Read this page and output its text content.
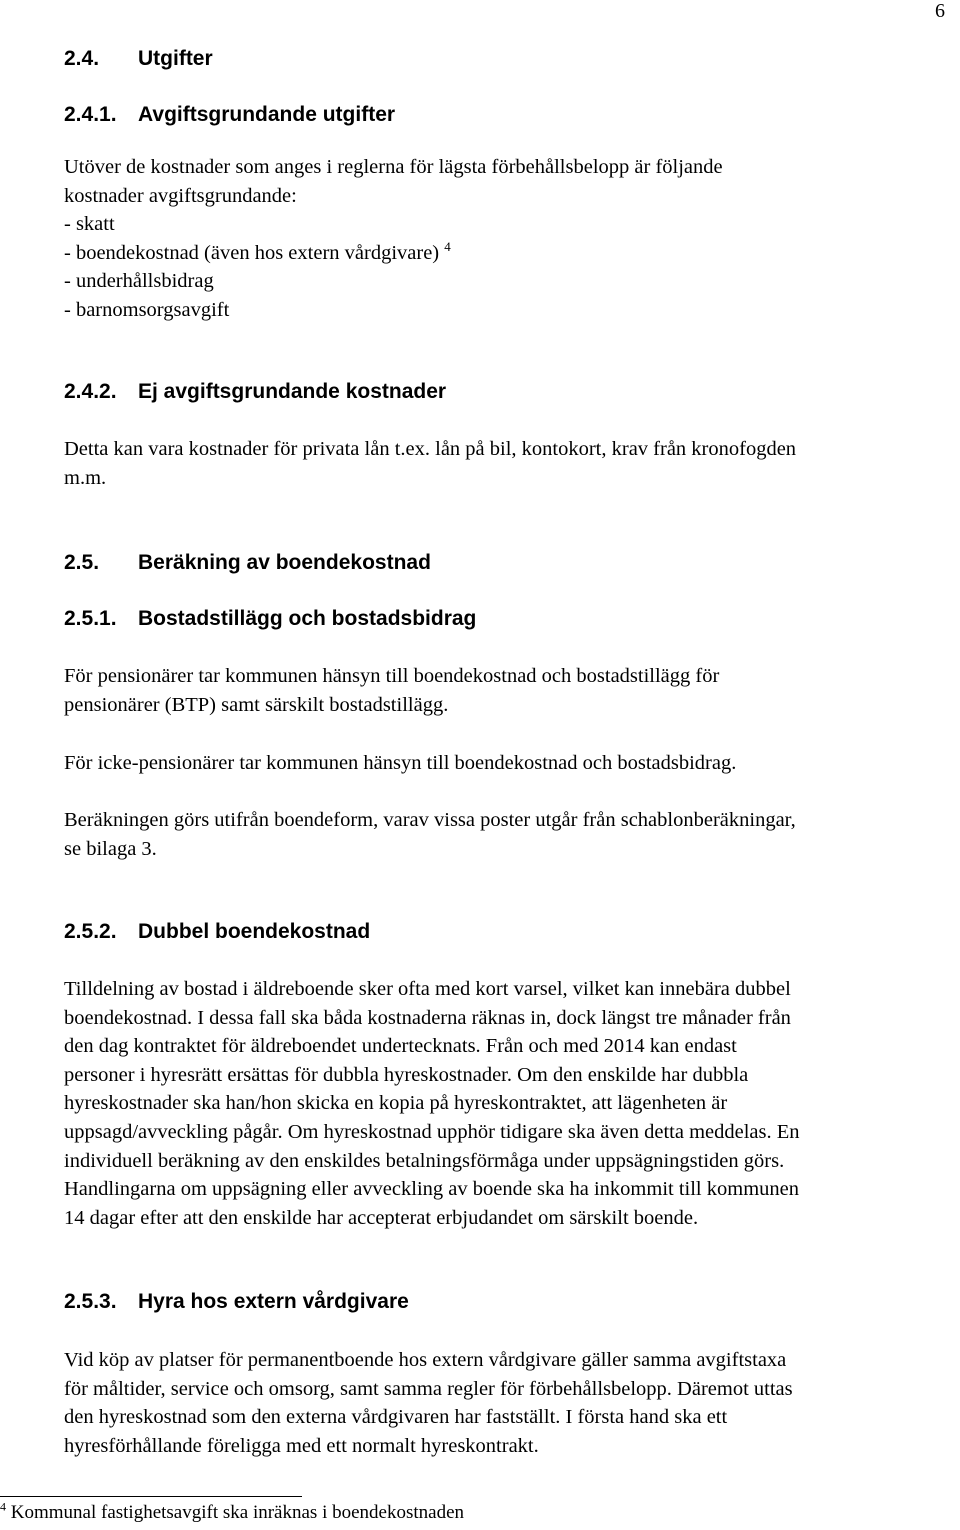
6
2.4. Utgifter
2.4.1. Avgiftsgrundande utgifter
Utöver de kostnader som anges i reglerna för lägsta förbehållsbelopp är följande
kostnader avgiftsgrundande:
- skatt
- boendekostnad (även hos extern vårdgivare) $^4$
- underhållsbidrag
- barnomsorgsavgift
2.4.2. Ej avgiftsgrundande kostnader
Detta kan vara kostnader för privata lån t.ex. lån på bil, kontokort, krav från kronofogden
m.m.
2.5. Beräkning av boendekostnad
2.5.1. Bostadstillägg och bostadsbidrag
För pensionärer tar kommunen hänsyn till boendekostnad och bostadstillägg för
pensionärer (BTP) samt särskilt bostadstillägg.
För icke-pensionärer tar kommunen hänsyn till boendekostnad och bostadsbidrag.
Beräkningen görs utifrån boendeform, varav vissa poster utgår från schablonberäkningar,
se bilaga 3.
2.5.2. Dubbel boendekostnad
Tilldelning av bostad i äldreboende sker ofta med kort varsel, vilket kan innebära dubbel
boendekostnad. I dessa fall ska båda kostnaderna räknas in, dock längst tre månader från
den dag kontraktet för äldreboendet undertecknats. Från och med 2014 kan endast
personer i hyresrätt ersättas för dubbla hyreskostnader. Om den enskilde har dubbla
hyreskostnader ska han/hon skicka en kopia på hyreskontraktet, att lägenheten är
uppsagd/avveckling pågår. Om hyreskostnad upphör tidigare ska även detta meddelas. En
individuell beräkning av den enskildes betalningsförmåga under uppsägningstiden görs.
Handlingarna om uppsägning eller avveckling av boende ska ha inkommit till kommunen
14 dagar efter att den enskilde har accepterat erbjudandet om särskilt boende.
2.5.3. Hyra hos extern vårdgivare
Vid köp av platser för permanentboende hos extern vårdgivare gäller samma avgiftstaxa
för måltider, service och omsorg, samt samma regler för förbehållsbelopp. Däremot uttas
den hyreskostnad som den externa vårdgivaren har fastställt. I första hand ska ett
hyresförhållande föreligga med ett normalt hyreskontrakt.
$^4$ Kommunal fastighetsavgift ska inräknas i boendekostnaden
